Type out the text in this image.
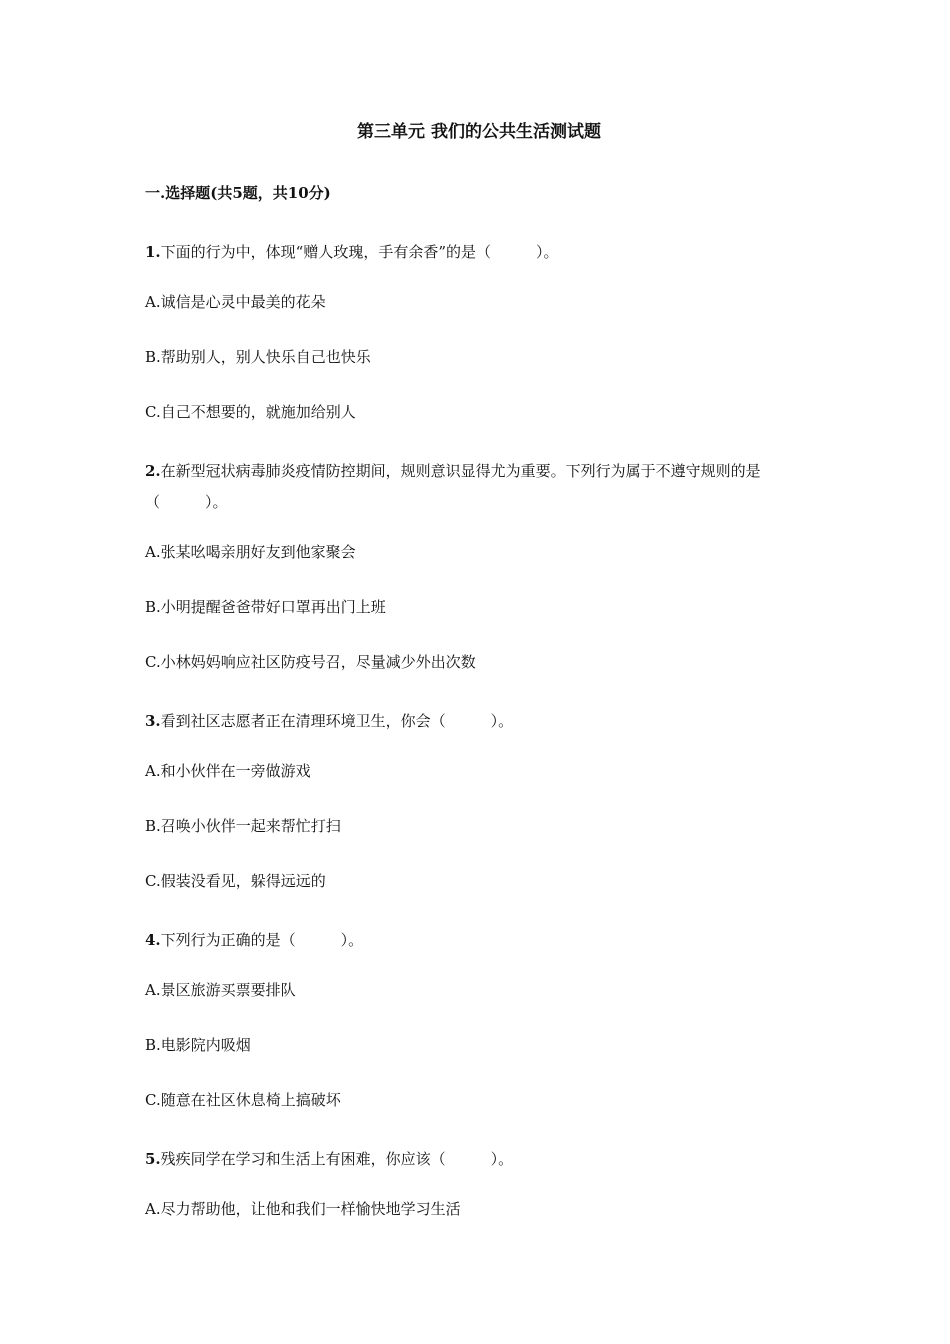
第三单元 我们的公共生活测试题
一.选择题(共5题，共10分)
1.下面的行为中，体现“赠人玫瑰，手有余香”的是（　　　）。
A.诚信是心灵中最美的花朵
B.帮助别人，别人快乐自己也快乐
C.自己不想要的，就施加给别人
2.在新型冠状病毒肺炎疫情防控期间，规则意识显得尤为重要。下列行为属于不遵守规则的是（　　　）。
A.张某吆喝亲朋好友到他家聚会
B.小明提醒爸爸带好口罩再出门上班
C.小林妈妈响应社区防疫号召，尽量减少外出次数
3.看到社区志愿者正在清理环境卫生，你会（　　　）。
A.和小伙伴在一旁做游戏
B.召唤小伙伴一起来帮忙打扫
C.假装没看见，躲得远远的
4.下列行为正确的是（　　　）。
A.景区旅游买票要排队
B.电影院内吸烟
C.随意在社区休息椅上搞破坏
5.残疾同学在学习和生活上有困难，你应该（　　　）。
A.尽力帮助他，让他和我们一样愉快地学习生活
